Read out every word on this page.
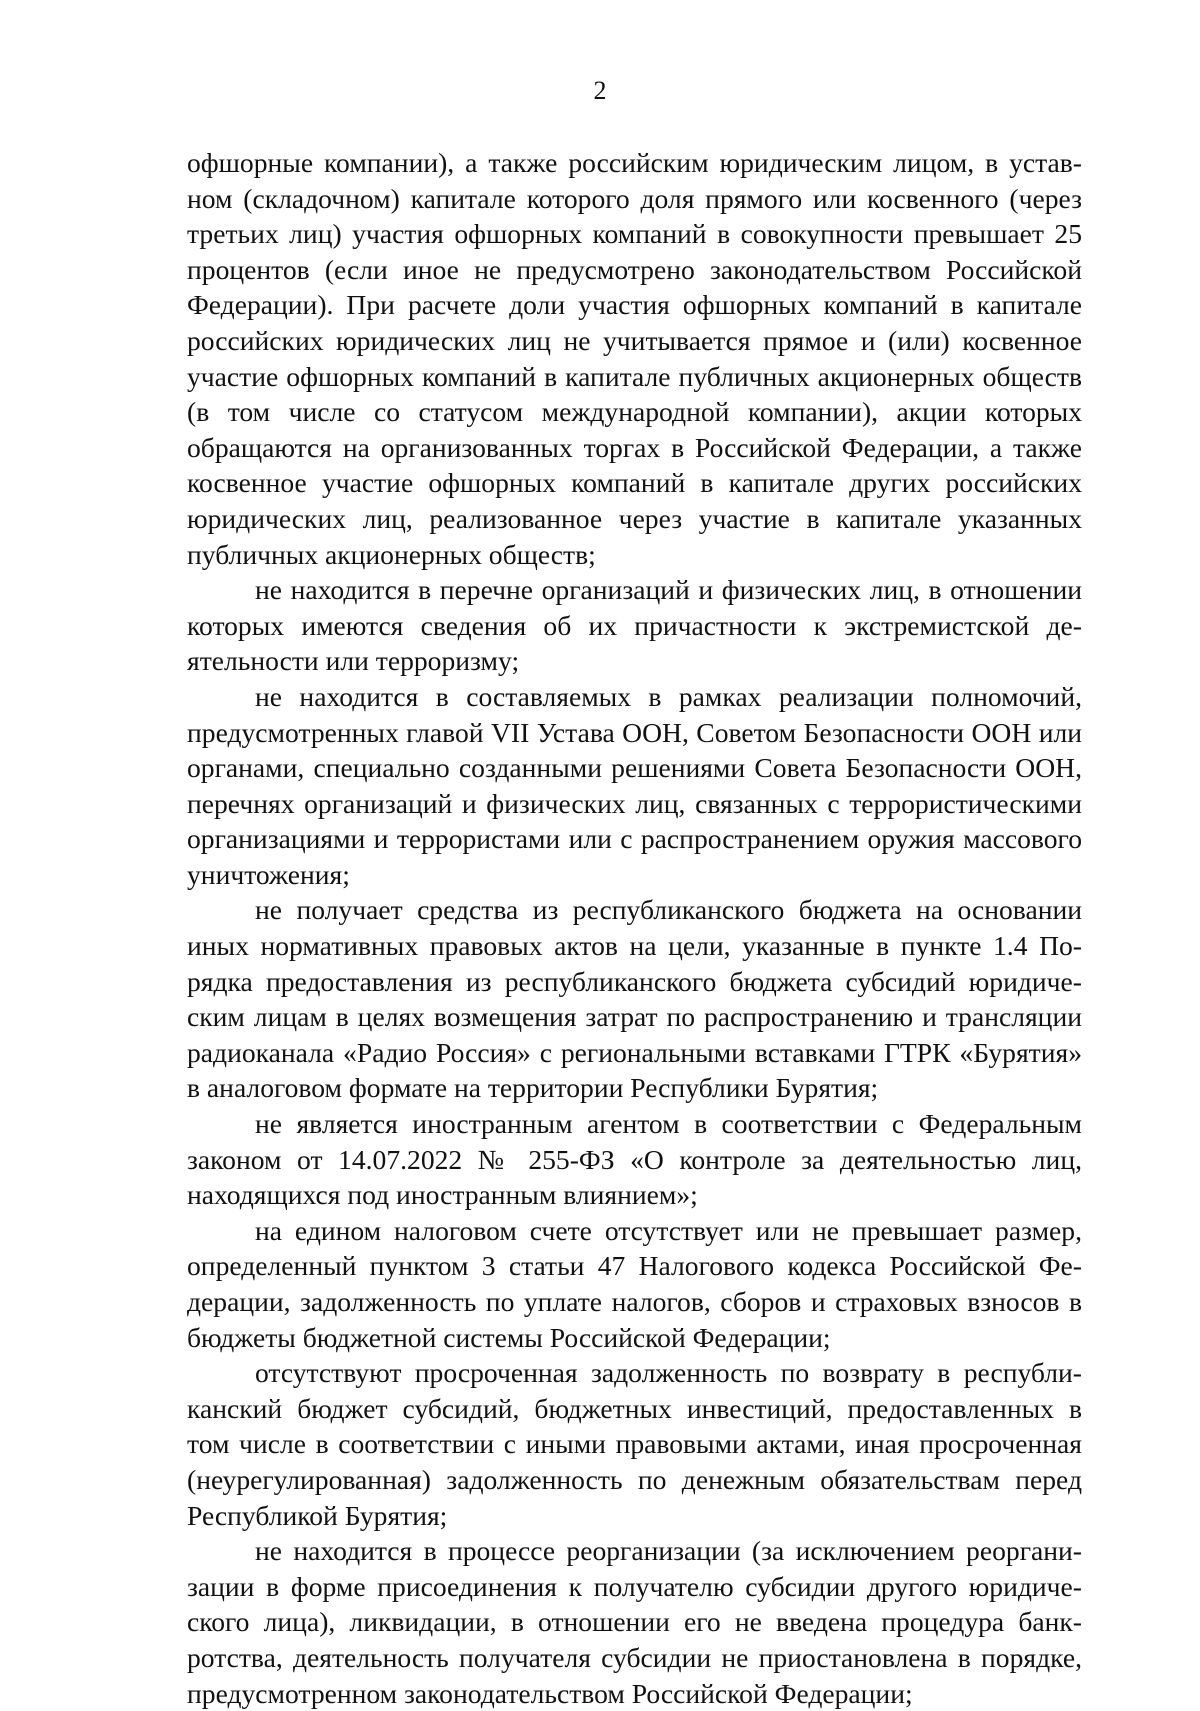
2

офшорные компании), а также российским юридическим лицом, в уставном (складочном) капитале которого доля прямого или косвенного (через третьих лиц) участия офшорных компаний в совокупности превышает 25 процентов (если иное не предусмотрено законодательством Российской Федерации). При расчете доли участия офшорных компаний в капитале российских юридических лиц не учитывается прямое и (или) косвенное участие офшорных компаний в капитале публичных акционерных обществ (в том числе со статусом международной компании), акции которых обращаются на организованных торгах в Российской Федерации, а также косвенное участие офшорных компаний в капитале других российских юридических лиц, реализованное через участие в капитале указанных публичных акционерных обществ;

не находится в перечне организаций и физических лиц, в отношении которых имеются сведения об их причастности к экстремистской деятельности или терроризму;

не находится в составляемых в рамках реализации полномочий, предусмотренных главой VII Устава ООН, Советом Безопасности ООН или органами, специально созданными решениями Совета Безопасности ООН, перечнях организаций и физических лиц, связанных с террористическими организациями и террористами или с распространением оружия массового уничтожения;

не получает средства из республиканского бюджета на основании иных нормативных правовых актов на цели, указанные в пункте 1.4 Порядка предоставления из республиканского бюджета субсидий юридическим лицам в целях возмещения затрат по распространению и трансляции радиоканала «Радио Россия» с региональными вставками ГТРК «Бурятия» в аналоговом формате на территории Республики Бурятия;

не является иностранным агентом в соответствии с Федеральным законом от 14.07.2022 № 255-ФЗ «О контроле за деятельностью лиц, находящихся под иностранным влиянием»;

на едином налоговом счете отсутствует или не превышает размер, определенный пунктом 3 статьи 47 Налогового кодекса Российской Федерации, задолженность по уплате налогов, сборов и страховых взносов в бюджеты бюджетной системы Российской Федерации;

отсутствуют просроченная задолженность по возврату в республиканский бюджет субсидий, бюджетных инвестиций, предоставленных в том числе в соответствии с иными правовыми актами, иная просроченная (неурегулированная) задолженность по денежным обязательствам перед Республикой Бурятия;

не находится в процессе реорганизации (за исключением реорганизации в форме присоединения к получателю субсидии другого юридического лица), ликвидации, в отношении его не введена процедура банкротства, деятельность получателя субсидии не приостановлена в порядке, предусмотренном законодательством Российской Федерации;
